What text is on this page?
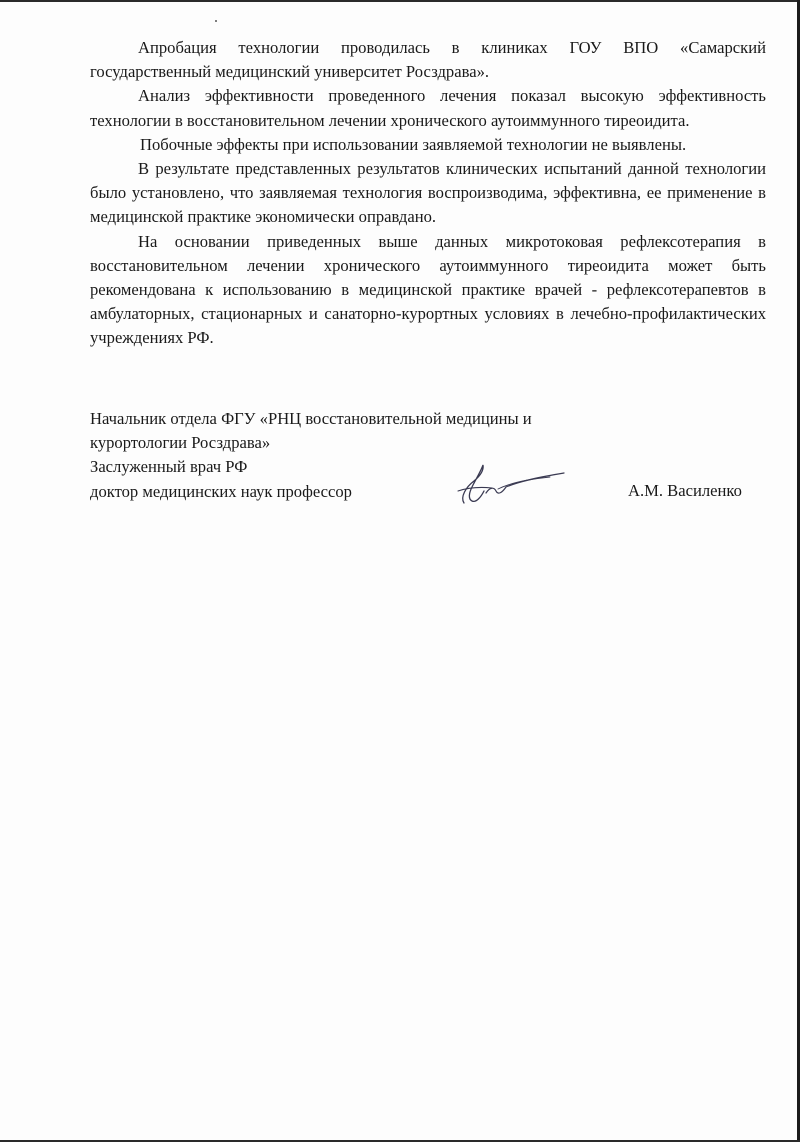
Апробация технологии проводилась в клиниках ГОУ ВПО «Самарский государственный медицинский университет Росздрава».

Анализ эффективности проведенного лечения показал высокую эффективность технологии в восстановительном лечении хронического аутоиммунного тиреоидита.

Побочные эффекты при использовании заявляемой технологии не выявлены.

В результате представленных результатов клинических испытаний данной технологии было установлено, что заявляемая технология воспроизводима, эффективна, ее применение в медицинской практике экономически оправдано.

На основании приведенных выше данных микротоковая рефлексотерапия в восстановительном лечении хронического аутоиммунного тиреоидита может быть рекомендована к использованию в медицинской практике врачей - рефлексотерапевтов в амбулаторных, стационарных и санаторно-курортных условиях в лечебно-профилактических учреждениях РФ.

Начальник отдела ФГУ «РНЦ восстановительной медицины и
курортологии Росздрава»
Заслуженный врач РФ
доктор медицинских наук профессор	А.М. Василенко
